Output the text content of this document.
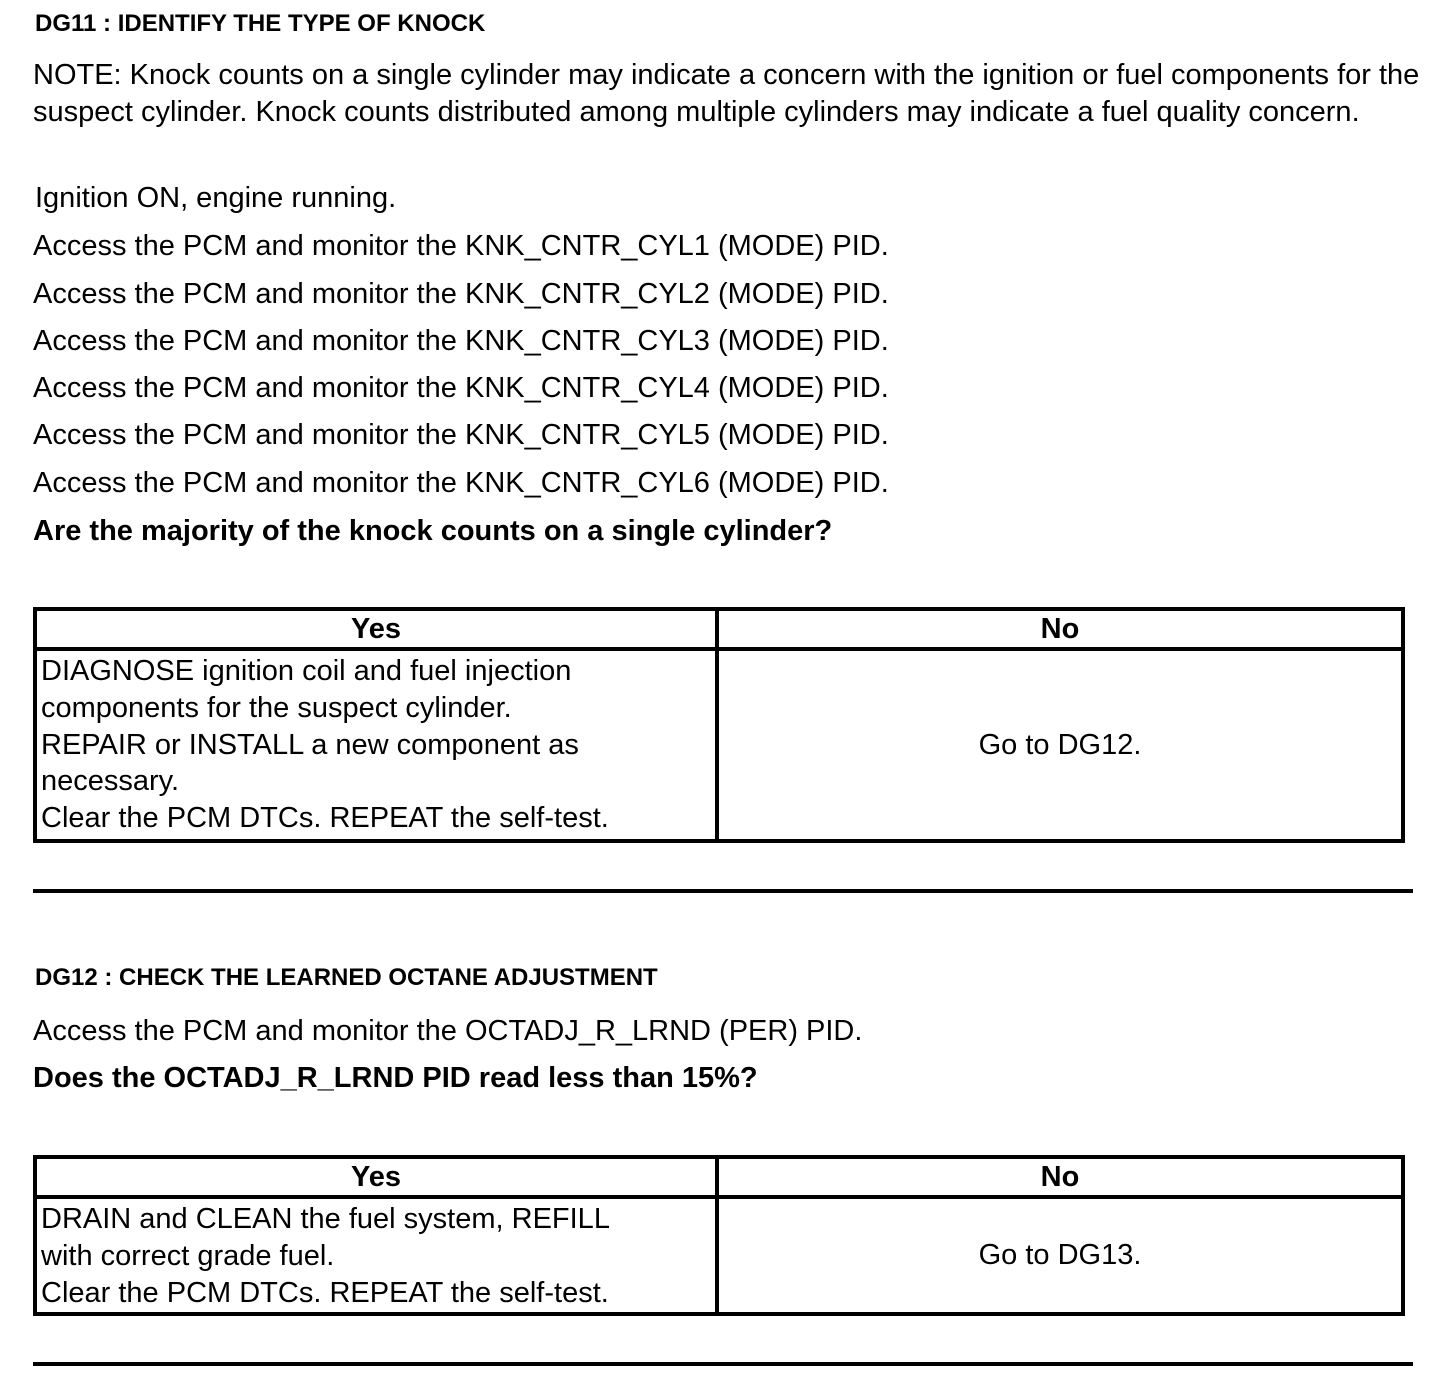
DG11 : IDENTIFY THE TYPE OF KNOCK

NOTE: Knock counts on a single cylinder may indicate a concern with the ignition or fuel components for the suspect cylinder. Knock counts distributed among multiple cylinders may indicate a fuel quality concern.

Ignition ON, engine running.

Access the PCM and monitor the KNK_CNTR_CYL1 (MODE) PID.

Access the PCM and monitor the KNK_CNTR_CYL2 (MODE) PID.

Access the PCM and monitor the KNK_CNTR_CYL3 (MODE) PID.

Access the PCM and monitor the KNK_CNTR_CYL4 (MODE) PID.

Access the PCM and monitor the KNK_CNTR_CYL5 (MODE) PID.

Access the PCM and monitor the KNK_CNTR_CYL6 (MODE) PID.

Are the majority of the knock counts on a single cylinder?

Yes	No

DIAGNOSE ignition coil and fuel injection
components for the suspect cylinder.
REPAIR or INSTALL a new component as
necessary.
Clear the PCM DTCs. REPEAT the self-test.	Go to DG12.
DG12 : CHECK THE LEARNED OCTANE ADJUSTMENT

Access the PCM and monitor the OCTADJ_R_LRND (PER) PID.

Does the OCTADJ_R_LRND PID read less than 15%?

Yes	No

DRAIN and CLEAN the fuel system, REFILL
with correct grade fuel.
Clear the PCM DTCs. REPEAT the self-test.	Go to DG13.
